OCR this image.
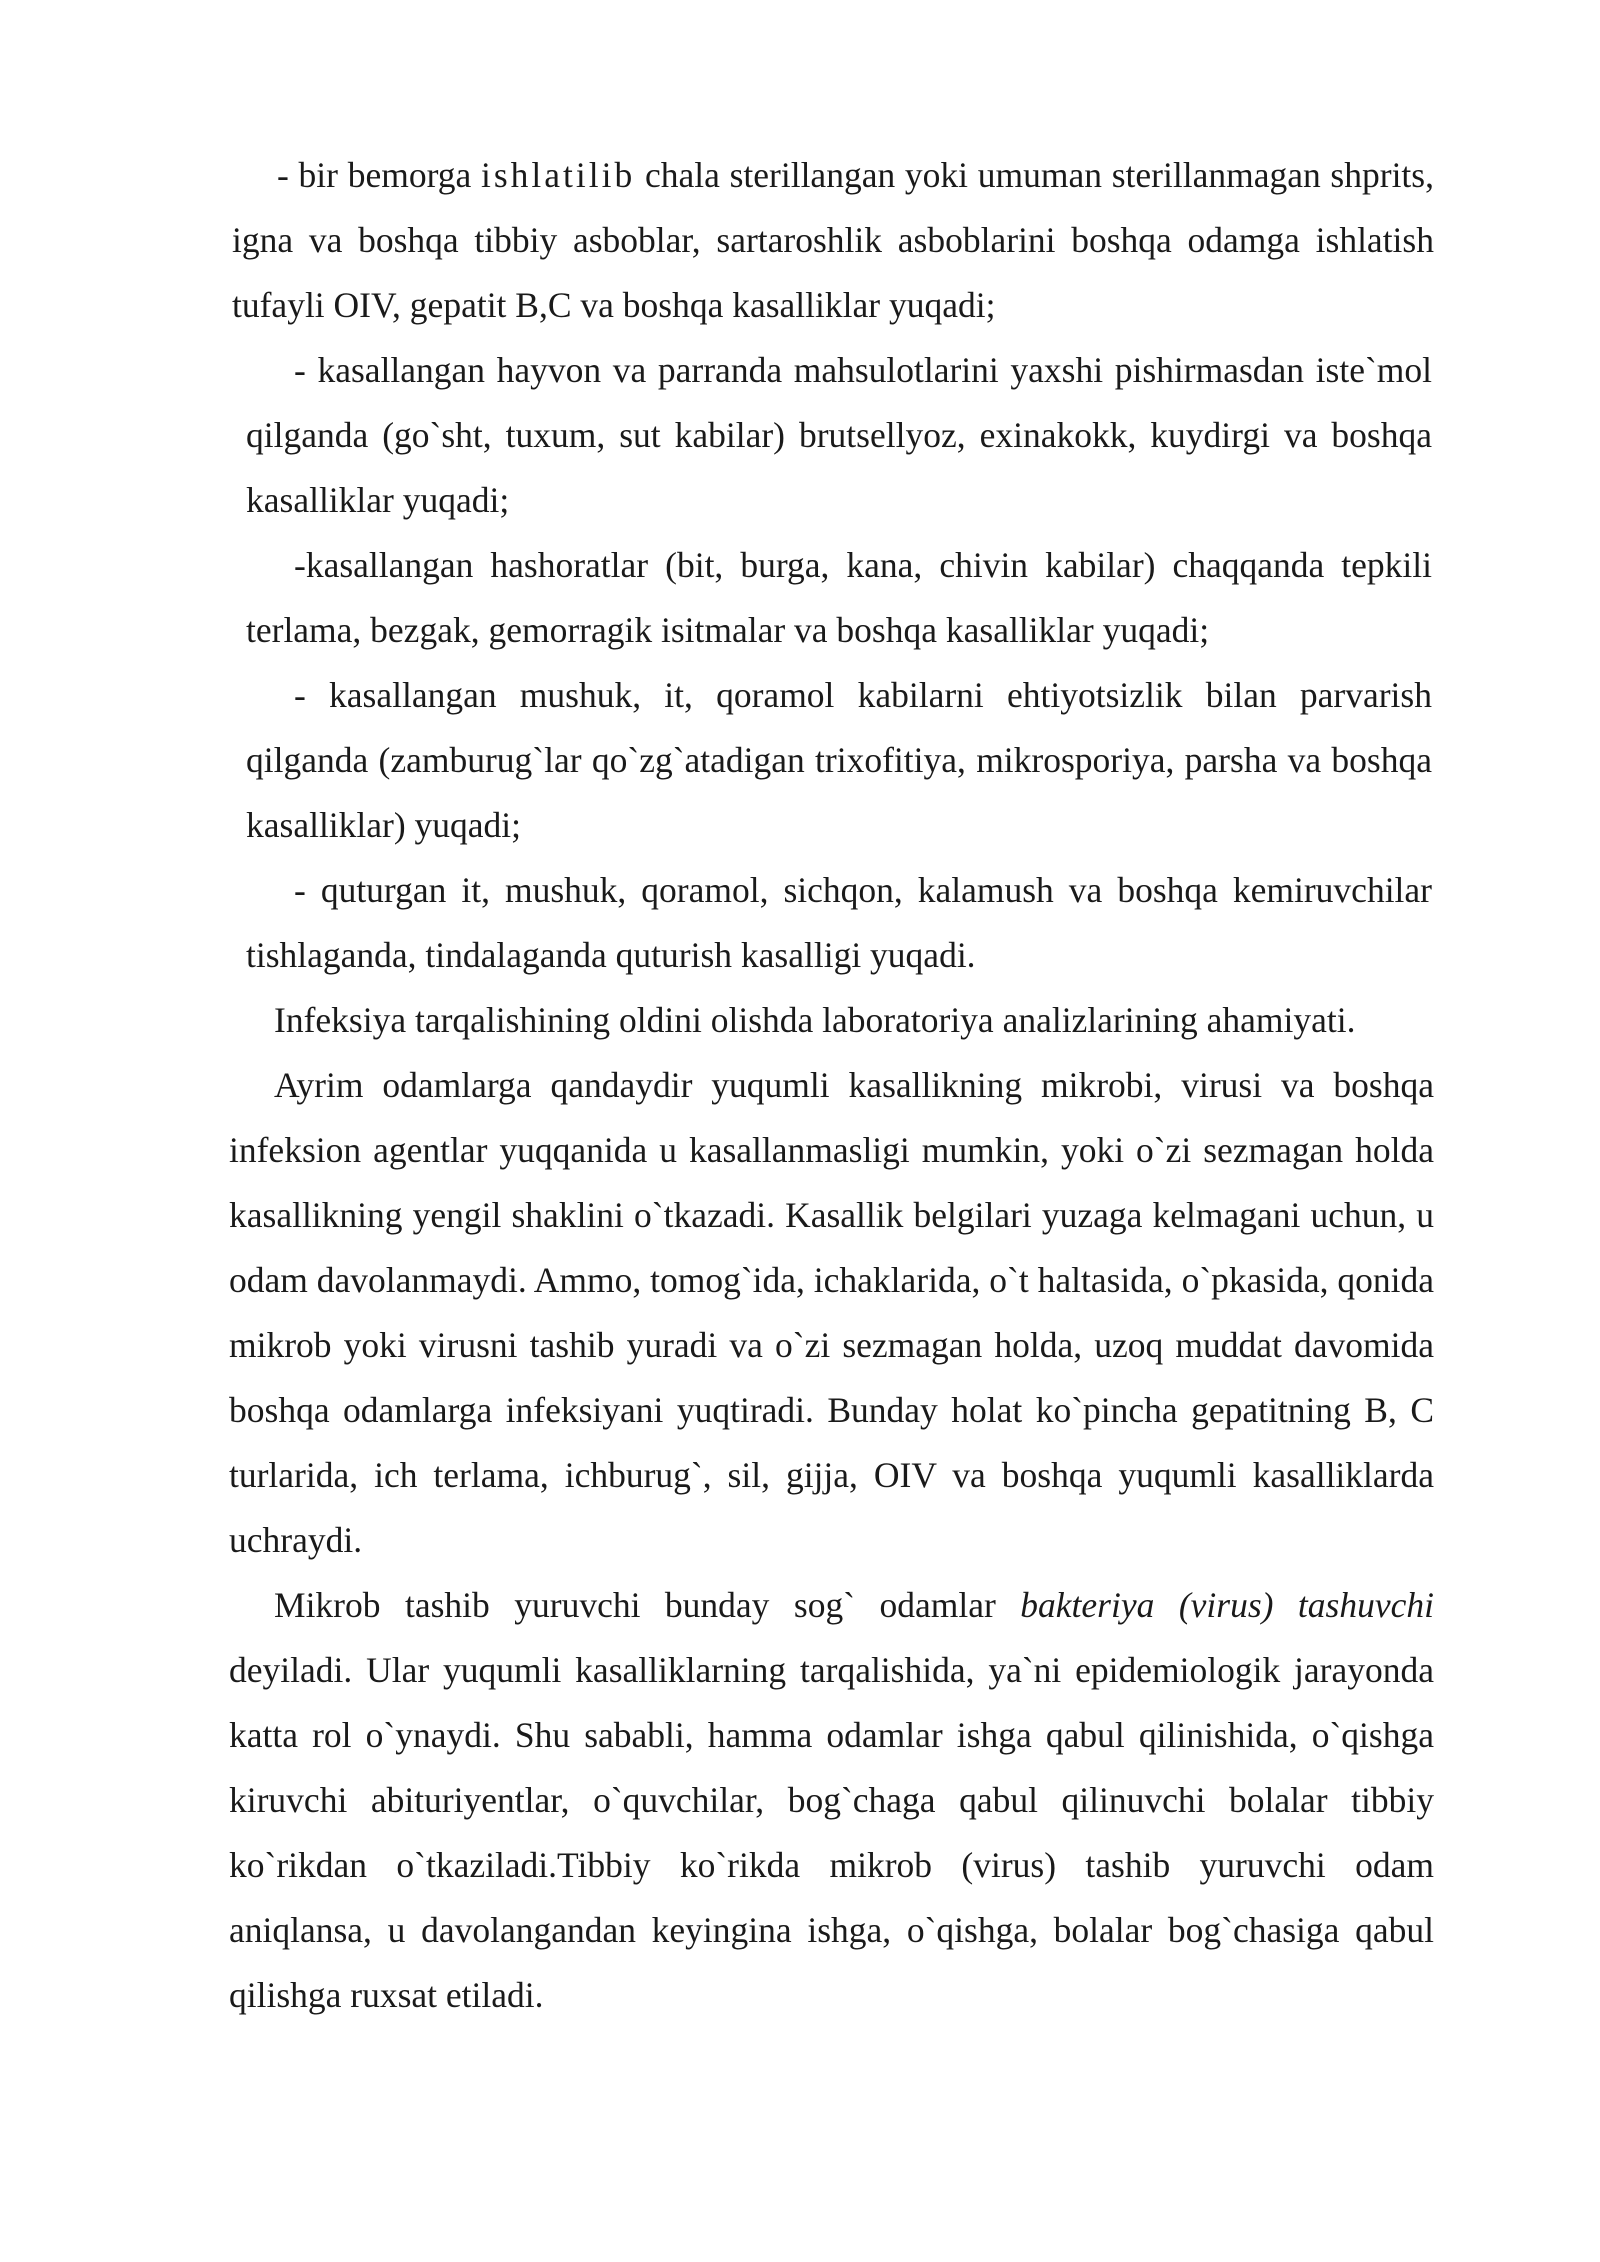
- bir bemorga ishlatilib chala sterillangan yoki umuman sterillanmagan shprits, igna va boshqa tibbiy asboblar, sartaroshlik asboblarini boshqa odamga ishlatish tufayli OIV, gepatit B,C va boshqa kasalliklar yuqadi;

- kasallangan hayvon va parranda mahsulotlarini yaxshi pishirmasdan iste`mol qilganda (go`sht, tuxum, sut kabilar) brutsellyoz, exinakokk, kuydirgi va boshqa kasalliklar yuqadi;

-kasallangan hashoratlar (bit, burga, kana, chivin kabilar) chaqqanda tepkili terlama, bezgak, gemorragik isitmalar va boshqa kasalliklar yuqadi;

- kasallangan mushuk, it, qoramol kabilarni ehtiyotsizlik bilan parvarish qilganda (zamburug`lar qo`zg`atadigan trixofitiya, mikrosporiya, parsha va boshqa kasalliklar) yuqadi;

- quturgan it, mushuk, qoramol, sichqon, kalamush va boshqa kemiruvchilar tishlaganda, tindalaganda quturish kasalligi yuqadi.

Infeksiya tarqalishining oldini olishda laboratoriya analizlarining ahamiyati.

Ayrim odamlarga qandaydir yuqumli kasallikning mikrobi, virusi va boshqa infeksion agentlar yuqqanida u kasallanmasligi mumkin, yoki o`zi sezmagan holda kasallikning yengil shaklini o`tkazadi. Kasallik belgilari yuzaga kelmagani uchun, u odam davolanmaydi. Ammo, tomog`ida, ichaklarida, o`t haltasida, o`pkasida, qonida mikrob yoki virusni tashib yuradi va o`zi sezmagan holda, uzoq muddat davomida boshqa odamlarga infeksiyani yuqtiradi. Bunday holat ko`pincha gepatitning B, C turlarida, ich terlama, ichburug`, sil, gijja, OIV va boshqa yuqumli kasalliklarda uchraydi.

Mikrob tashib yuruvchi bunday sog` odamlar bakteriya (virus) tashuvchi deyiladi. Ular yuqumli kasalliklarning tarqalishida, ya`ni epidemiologik jarayonda katta rol o`ynaydi. Shu sababli, hamma odamlar ishga qabul qilinishida, o`qishga kiruvchi abituriyentlar, o`quvchilar, bog`chaga qabul qilinuvchi bolalar tibbiy ko`rikdan o`tkaziladi.Tibbiy ko`rikda mikrob (virus) tashib yuruvchi odam aniqlansa, u davolangandan keyingina ishga, o`qishga, bolalar bog`chasiga qabul qilishga ruxsat etiladi.
